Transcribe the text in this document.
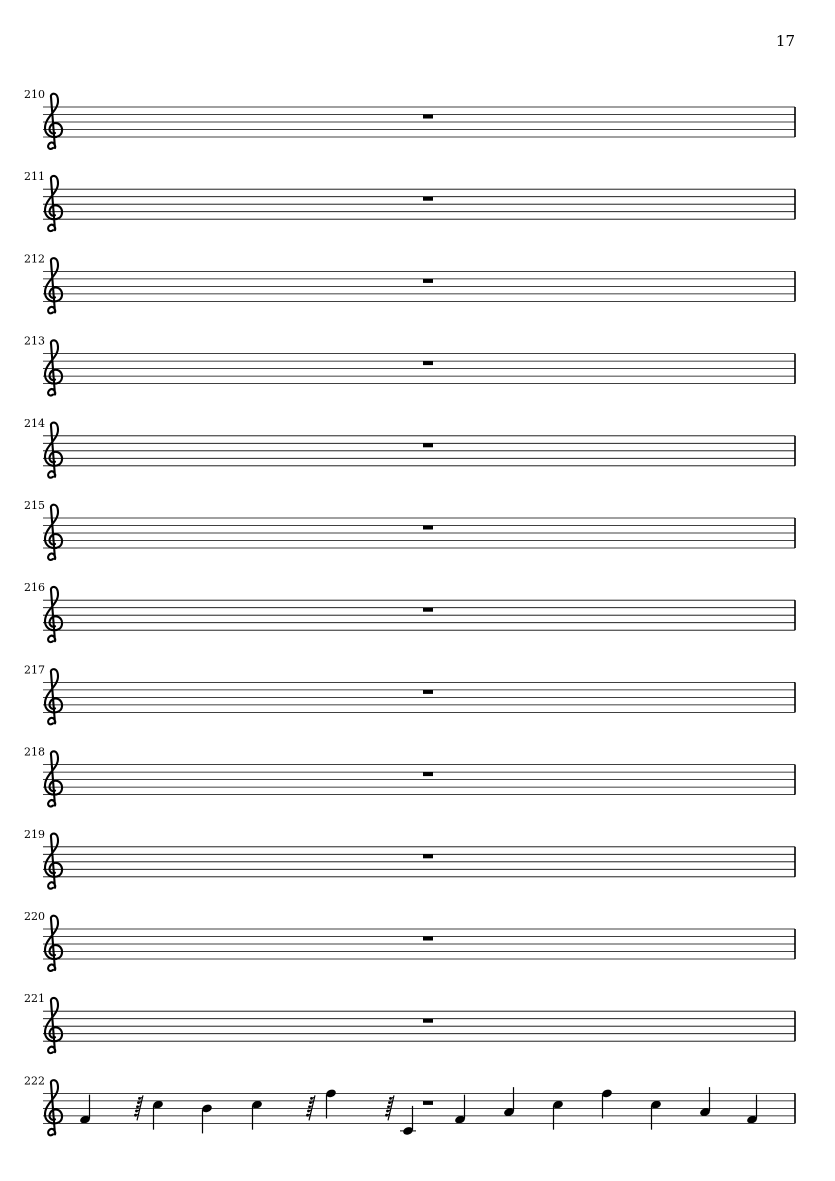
17
210
211
212
213
214
215
216
217
218
219
220
221
222
